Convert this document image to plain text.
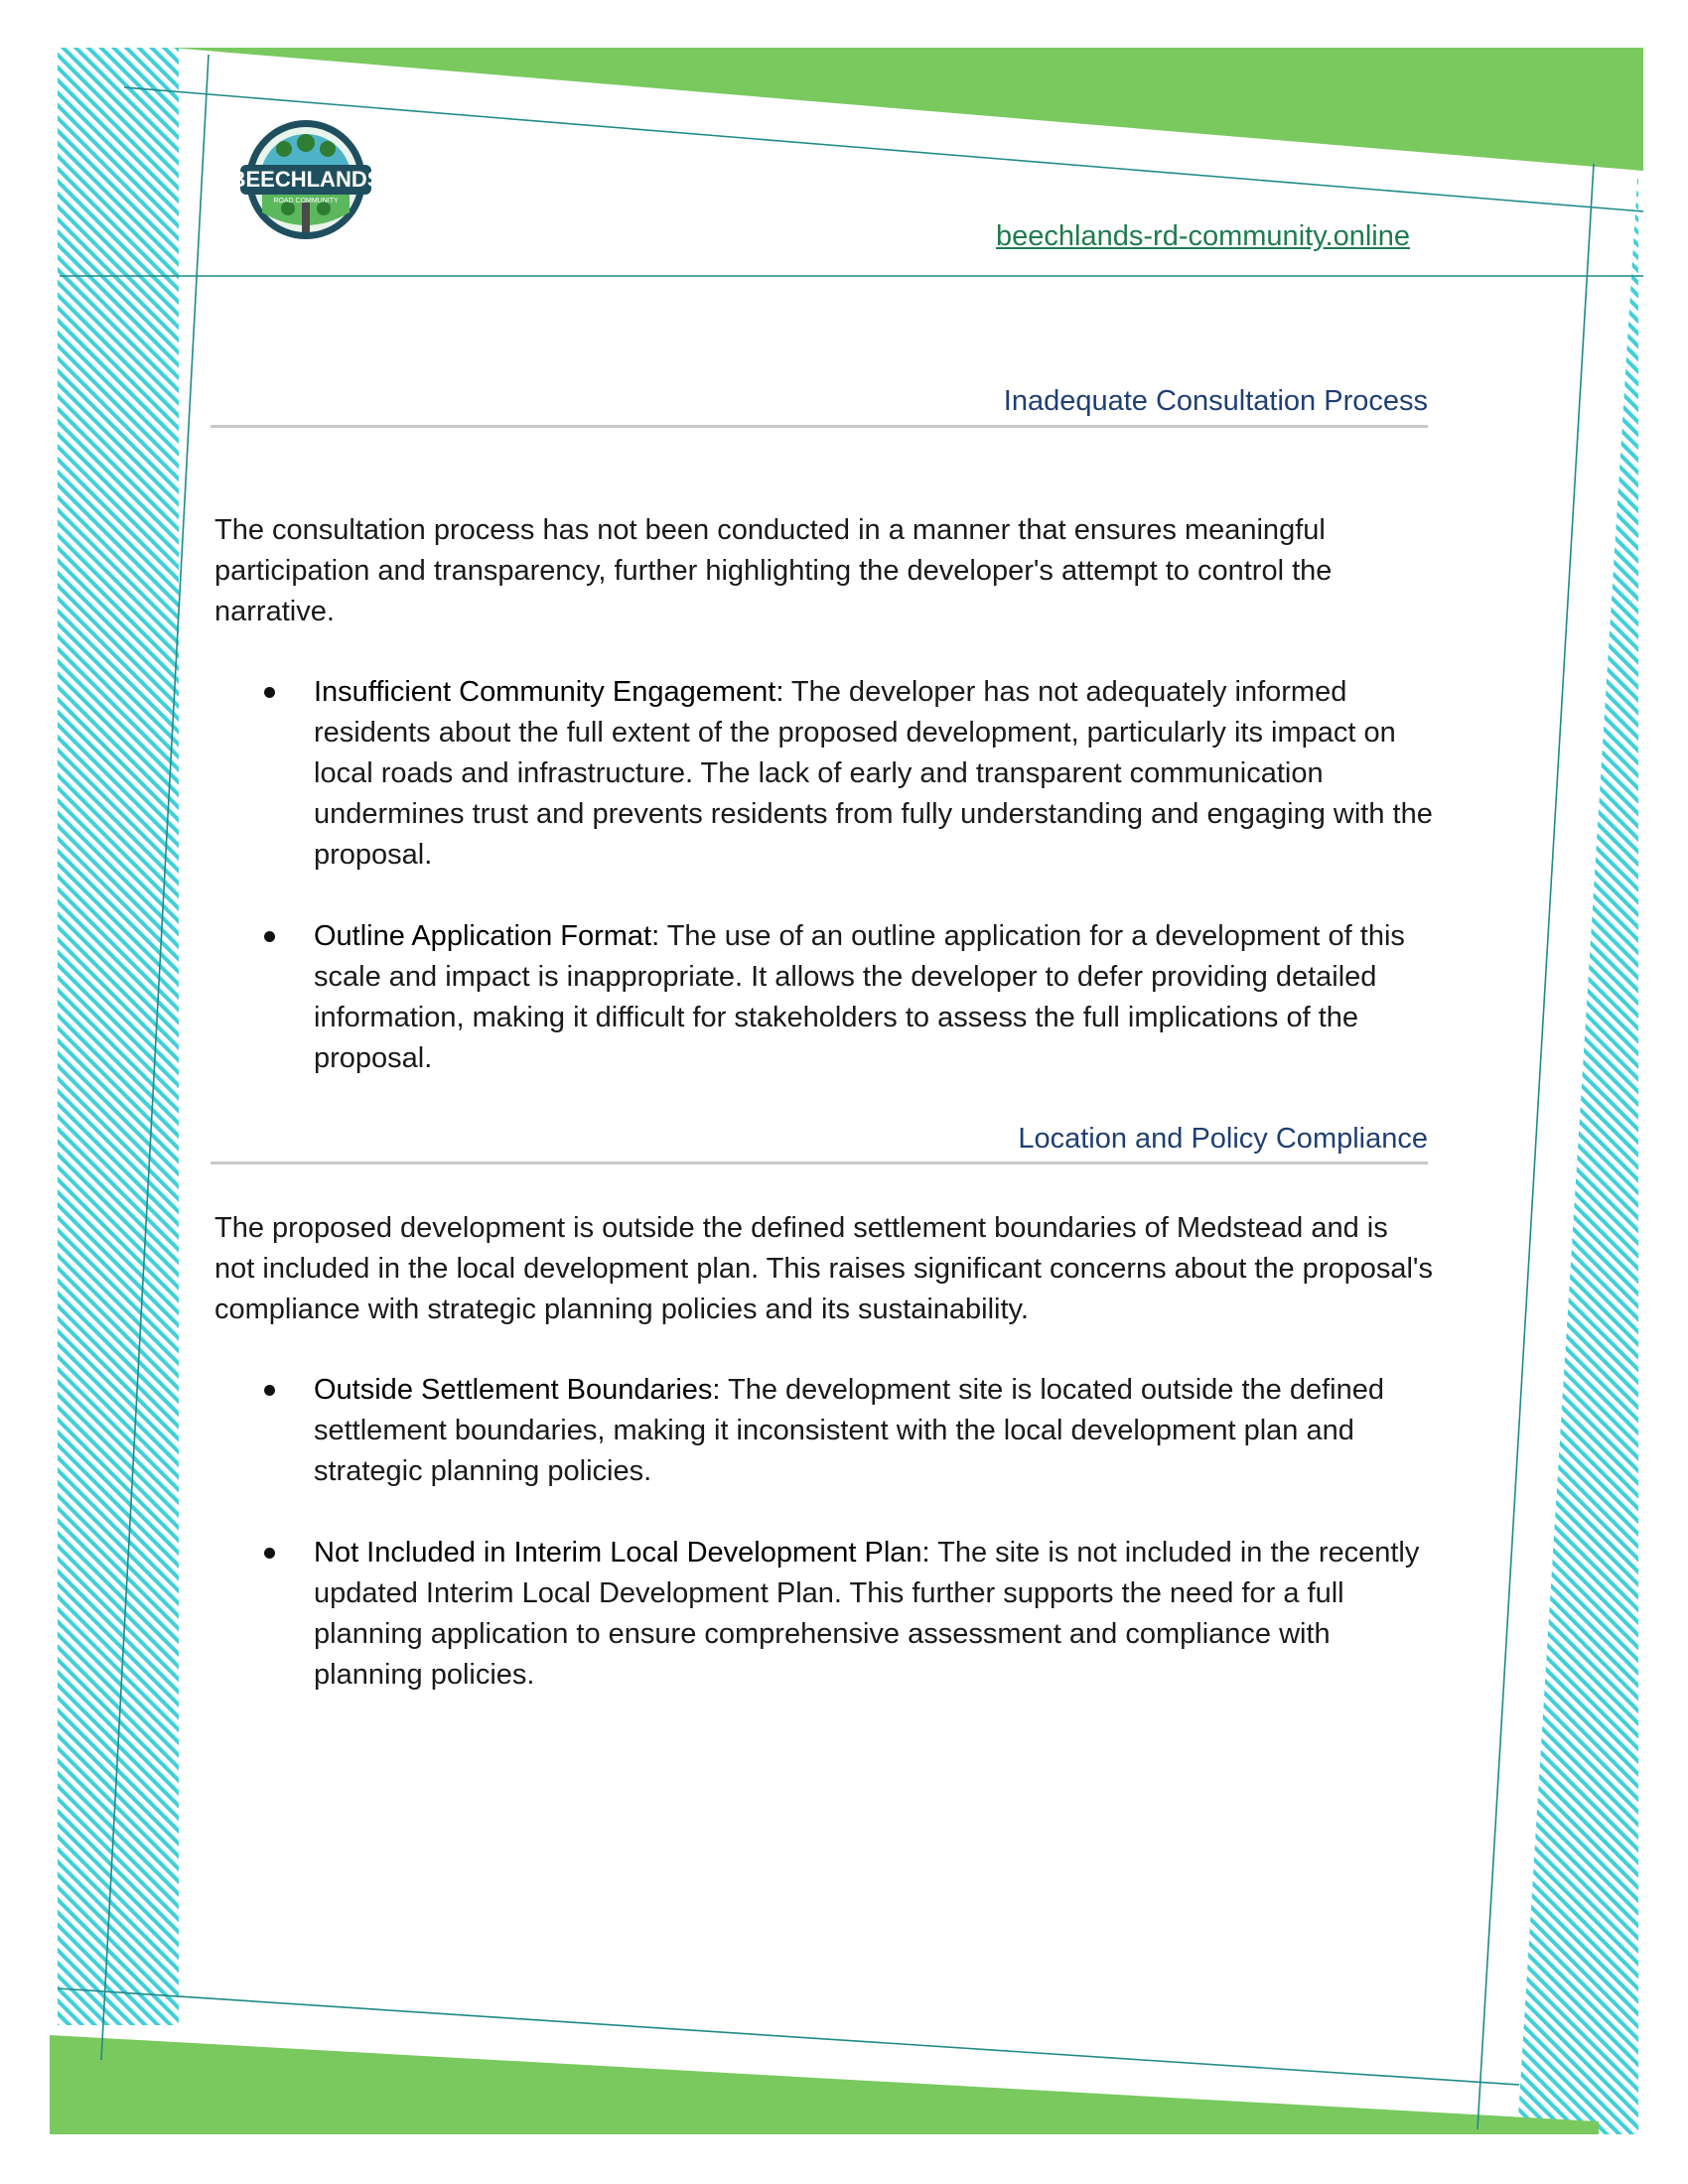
BEECHLANDS
ROAD COMMUNITY
beechlands-rd-community.online
Inadequate Consultation Process

The consultation process has not been conducted in a manner that ensures meaningful participation and transparency, further highlighting the developer's attempt to control the narrative.

Insufficient Community Engagement: The developer has not adequately informed residents about the full extent of the proposed development, particularly its impact on local roads and infrastructure. The lack of early and transparent communication undermines trust and prevents residents from fully understanding and engaging with the proposal.

Outline Application Format: The use of an outline application for a development of this scale and impact is inappropriate. It allows the developer to defer providing detailed information, making it difficult for stakeholders to assess the full implications of the proposal.

Location and Policy Compliance

The proposed development is outside the defined settlement boundaries of Medstead and is not included in the local development plan. This raises significant concerns about the proposal's compliance with strategic planning policies and its sustainability.

Outside Settlement Boundaries: The development site is located outside the defined settlement boundaries, making it inconsistent with the local development plan and strategic planning policies.

Not Included in Interim Local Development Plan: The site is not included in the recently updated Interim Local Development Plan. This further supports the need for a full planning application to ensure comprehensive assessment and compliance with planning policies.
